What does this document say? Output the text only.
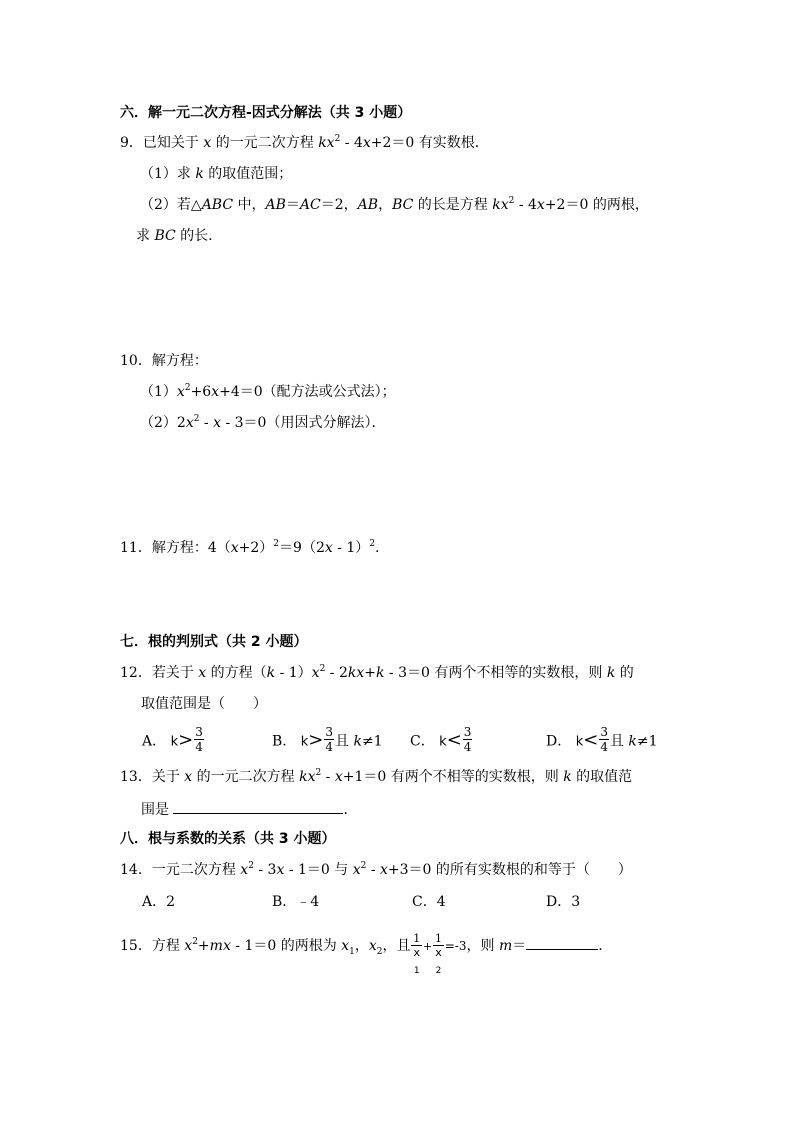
六．解一元二次方程-因式分解法（共 3 小题）
9．已知关于 x 的一元二次方程 $kx^2 - 4x+2=0$ 有实数根．
（1）求 k 的取值范围；
（2）若△ABC 中，AB＝AC＝2，AB，BC 的长是方程 $kx^2 - 4x+2=0$ 的两根，
求 BC 的长.
10．解方程：
$(1)x^2+6x+4=0$（配方法或公式法）；
$(2)2x^2 - x - 3=0$（用因式分解法）．
11．解方程：$4(x+2)^2=9(2x - 1)^2$.
七．根的判别式（共 2 小题）
12．若关于 x 的方程$(k - 1)x^2 - 2kx+k - 3=0$ 有两个不相等的实数根，则 k 的
取值范围是（　　）
A． $k> \frac{3}{4}$	B． $k> \frac{3}{4}$ 且 k≠1 C． $k< \frac{3}{4}$	D． $k< \frac{3}{4}$ 且 k≠1
13．关于 x 的一元二次方程 $kx^2 - x+1=0$ 有两个不相等的实数根，则 k 的取值范
围是	．
八．根与系数的关系（共 3 小题）
14．一元二次方程 $x^2 - 3x - 1=0$ 与 $x^2 - x+3=0$ 的所有实数根的和等于（　　）
A．2	B．﹣4	C．4	D．3
15．方程 $x^2+mx - 1=0$ 的两根为 $x_1$，$x_2$，且 1
x
$_1$ + 1
x
$_2$ =-3，则 m＝	.
